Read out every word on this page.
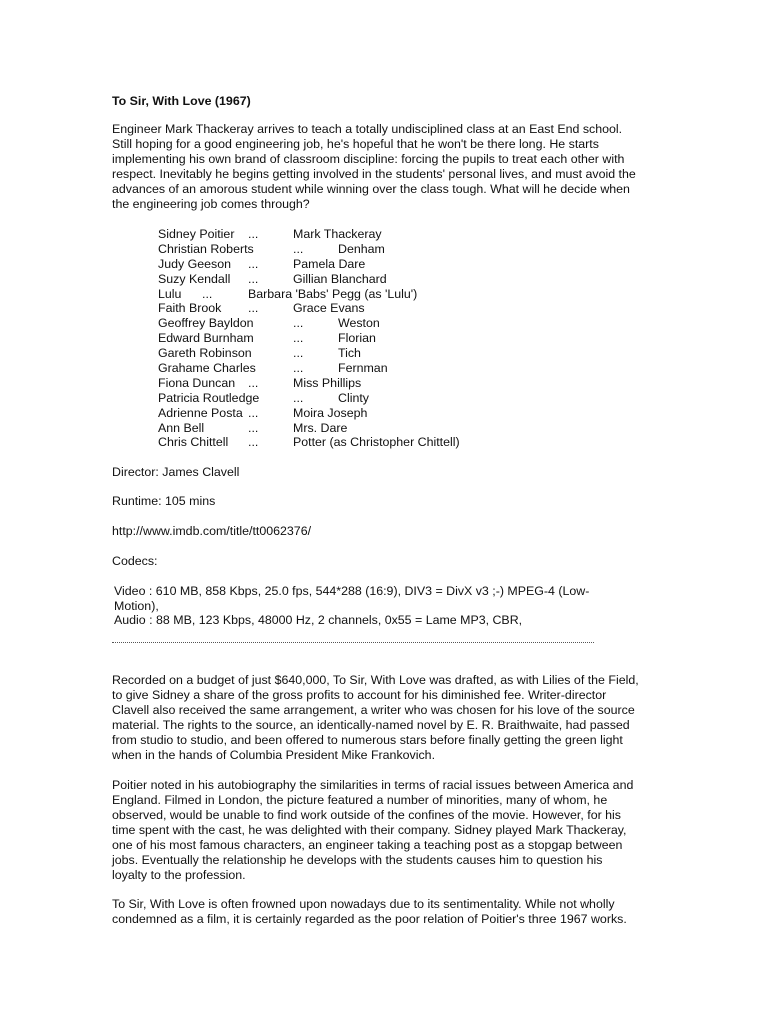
To Sir, With Love (1967)

Engineer Mark Thackeray arrives to teach a totally undisciplined class at an East End school. Still hoping for a good engineering job, he's hopeful that he won't be there long. He starts implementing his own brand of classroom discipline: forcing the pupils to treat each other with respect. Inevitably he begins getting involved in the students' personal lives, and must avoid the advances of an amorous student while winning over the class tough. What will he decide when the engineering job comes through?

Sidney Poitier ...	Mark Thackeray
Christian Roberts	...	Denham
Judy Geeson ...	Pamela Dare
Suzy Kendall ...	Gillian Blanchard
Lulu ...	Barbara 'Babs' Pegg (as 'Lulu')
Faith Brook ...	Grace Evans
Geoffrey Bayldon	...	Weston
Edward Burnham	...	Florian
Gareth Robinson	...	Tich
Grahame Charles	...	Fernman
Fiona Duncan ...	Miss Phillips
Patricia Routledge	...	Clinty
Adrienne Posta ...	Moira Joseph
Ann Bell	...	Mrs. Dare
Chris Chittell ...	Potter (as Christopher Chittell)
Director: James Clavell
Runtime: 105 mins
http://www.imdb.com/title/tt0062376/
Codecs:
Video : 610 MB, 858 Kbps, 25.0 fps, 544*288 (16:9), DIV3 = DivX v3 ;-) MPEG-4 (Low-Motion),
Audio : 88 MB, 123 Kbps, 48000 Hz, 2 channels, 0x55 = Lame MP3, CBR,

Recorded on a budget of just $640,000, To Sir, With Love was drafted, as with Lilies of the Field, to give Sidney a share of the gross profits to account for his diminished fee. Writer-director Clavell also received the same arrangement, a writer who was chosen for his love of the source material. The rights to the source, an identically-named novel by E. R. Braithwaite, had passed from studio to studio, and been offered to numerous stars before finally getting the green light when in the hands of Columbia President Mike Frankovich.

Poitier noted in his autobiography the similarities in terms of racial issues between America and England. Filmed in London, the picture featured a number of minorities, many of whom, he observed, would be unable to find work outside of the confines of the movie. However, for his time spent with the cast, he was delighted with their company. Sidney played Mark Thackeray, one of his most famous characters, an engineer taking a teaching post as a stopgap between jobs. Eventually the relationship he develops with the students causes him to question his loyalty to the profession.

To Sir, With Love is often frowned upon nowadays due to its sentimentality. While not wholly condemned as a film, it is certainly regarded as the poor relation of Poitier's three 1967 works.
